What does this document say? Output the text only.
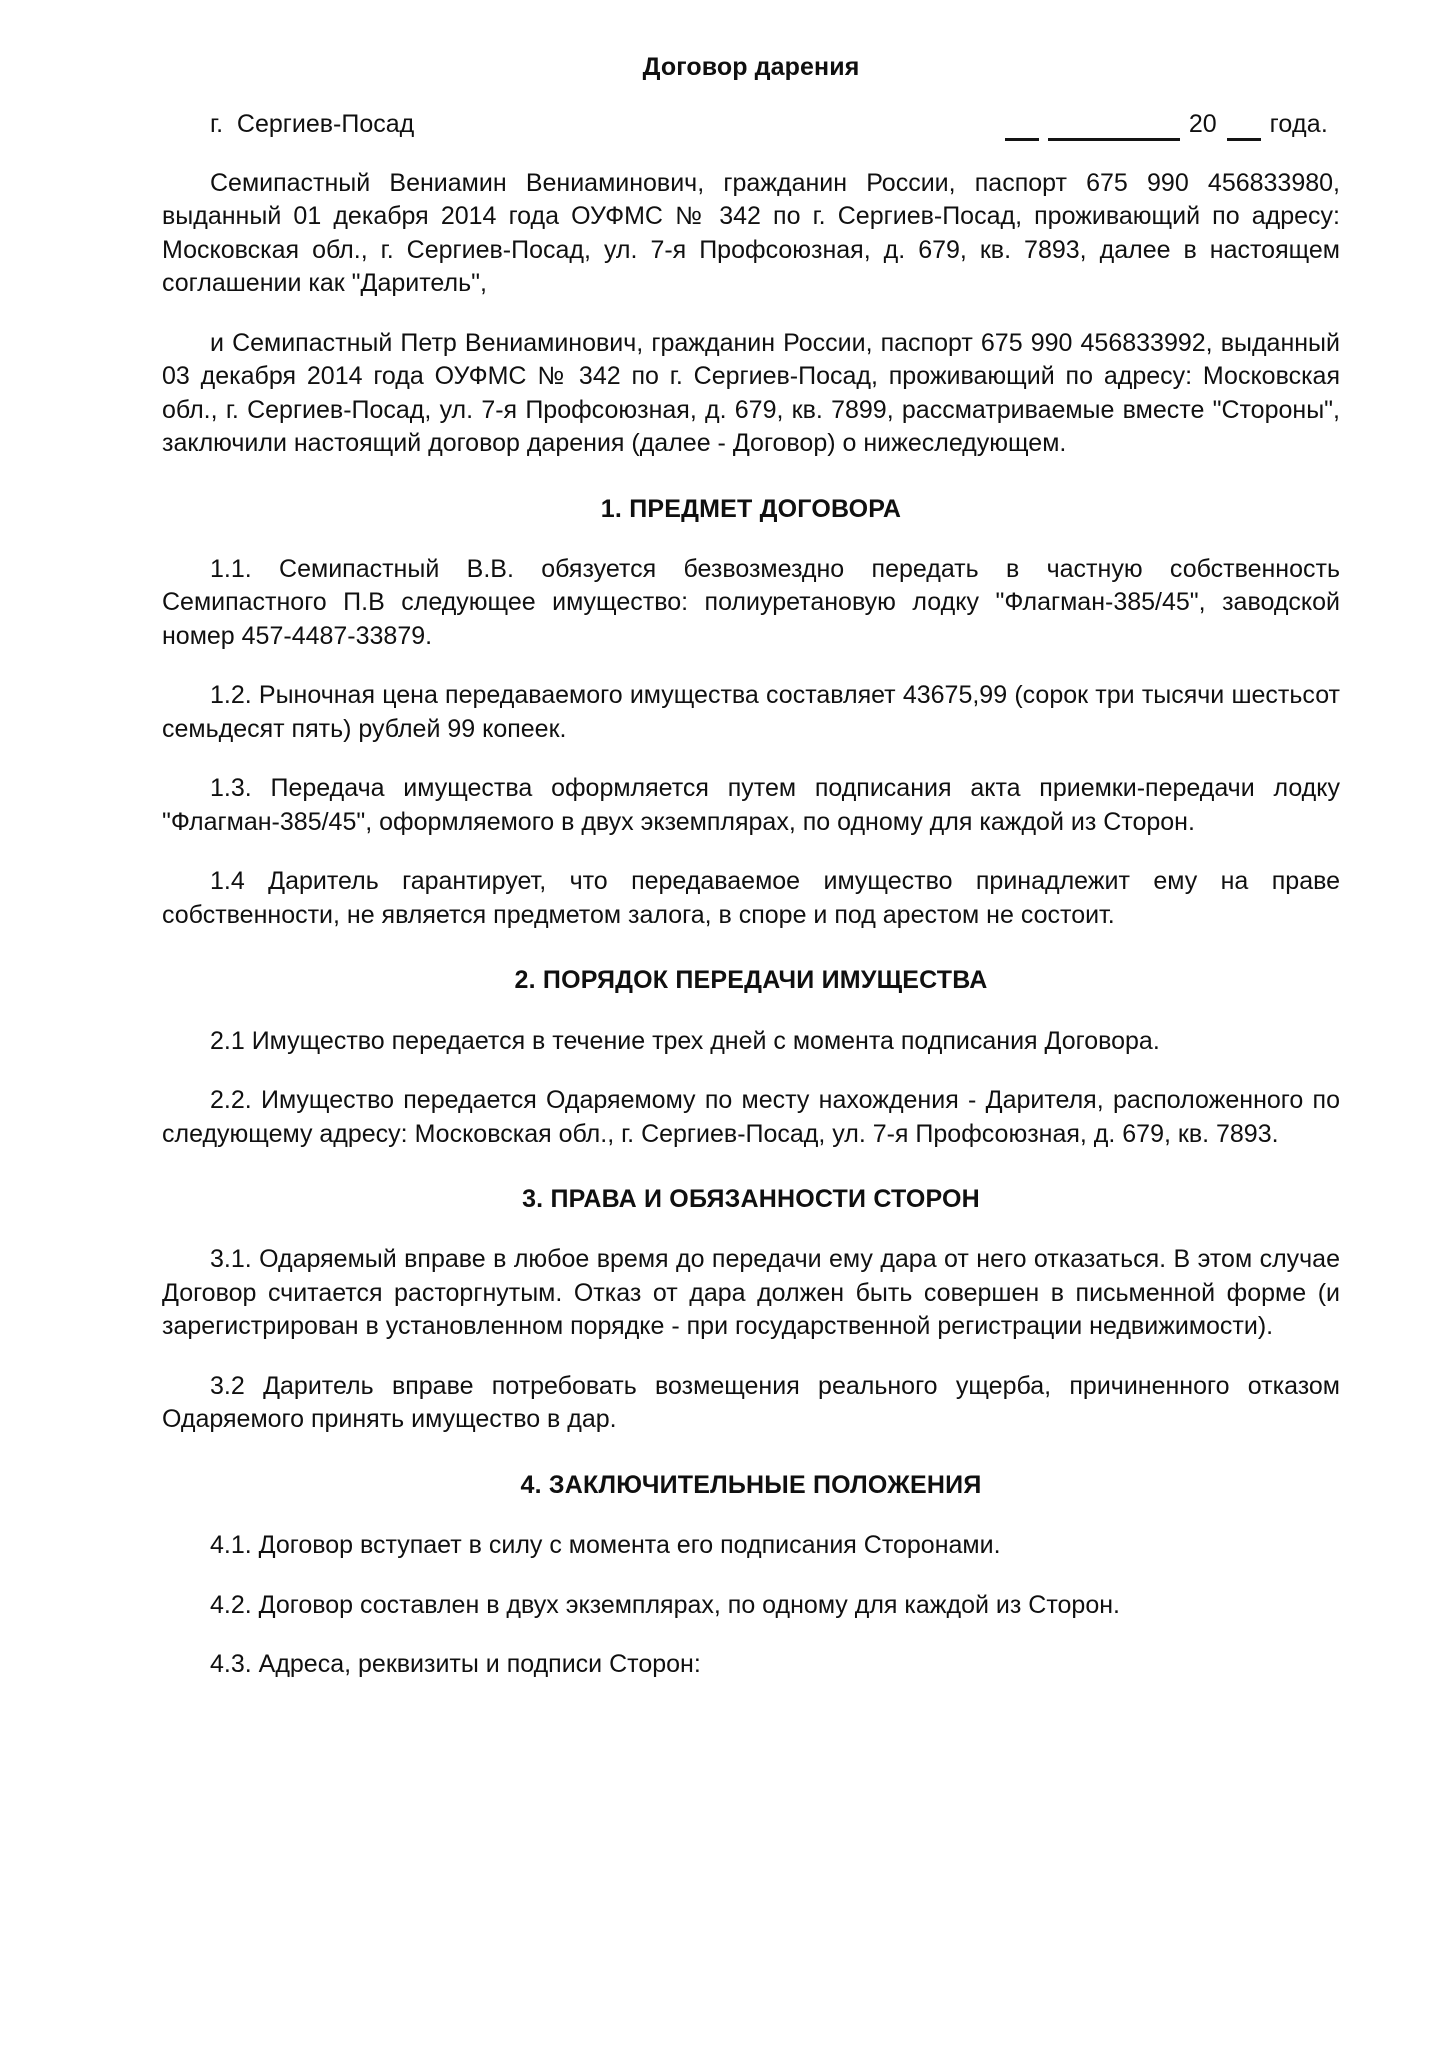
Договор дарения
г.  Сергиев-Посад	20 года.

Семипастный Вениамин Вениаминович, гражданин России, паспорт 675 990 456833980, выданный 01 декабря 2014 года ОУФМС № 342 по г. Сергиев-Посад, проживающий по адресу: Московская обл., г. Сергиев-Посад, ул. 7-я Профсоюзная, д. 679, кв. 7893, далее в настоящем соглашении как "Даритель",

и Семипастный Петр Вениаминович, гражданин России, паспорт 675 990 456833992, выданный 03 декабря 2014 года ОУФМС № 342 по г. Сергиев-Посад, проживающий по адресу: Московская обл., г. Сергиев-Посад, ул. 7-я Профсоюзная, д. 679, кв. 7899, рассматриваемые вместе "Стороны", заключили настоящий договор дарения (далее - Договор) о нижеследующем.

1. ПРЕДМЕТ ДОГОВОРА

1.1. Семипастный В.В. обязуется безвозмездно передать в частную собственность Семипастного П.В следующее имущество: полиуретановую лодку "Флагман-385/45", заводской номер 457-4487-33879.

1.2. Рыночная цена передаваемого имущества составляет 43675,99 (сорок три тысячи шестьсот семьдесят пять) рублей 99 копеек.

1.3. Передача имущества оформляется путем подписания акта приемки-передачи лодку "Флагман-385/45", оформляемого в двух экземплярах, по одному для каждой из Сторон.

1.4 Даритель гарантирует, что передаваемое имущество принадлежит ему на праве собственности, не является предметом залога, в споре и под арестом не состоит.

2. ПОРЯДОК ПЕРЕДАЧИ ИМУЩЕСТВА

2.1 Имущество передается в течение трех дней с момента подписания Договора.

2.2. Имущество передается Одаряемому по месту нахождения - Дарителя, расположенного по следующему адресу: Московская обл., г. Сергиев-Посад, ул. 7-я Профсоюзная, д. 679, кв. 7893.

3. ПРАВА И ОБЯЗАННОСТИ СТОРОН

3.1. Одаряемый вправе в любое время до передачи ему дара от него отказаться. В этом случае Договор считается расторгнутым. Отказ от дара должен быть совершен в письменной форме (и зарегистрирован в установленном порядке - при государственной регистрации недвижимости).

3.2 Даритель вправе потребовать возмещения реального ущерба, причиненного отказом Одаряемого принять имущество в дар.

4. ЗАКЛЮЧИТЕЛЬНЫЕ ПОЛОЖЕНИЯ

4.1. Договор вступает в силу с момента его подписания Сторонами.

4.2. Договор составлен в двух экземплярах, по одному для каждой из Сторон.

4.3. Адреса, реквизиты и подписи Сторон:
